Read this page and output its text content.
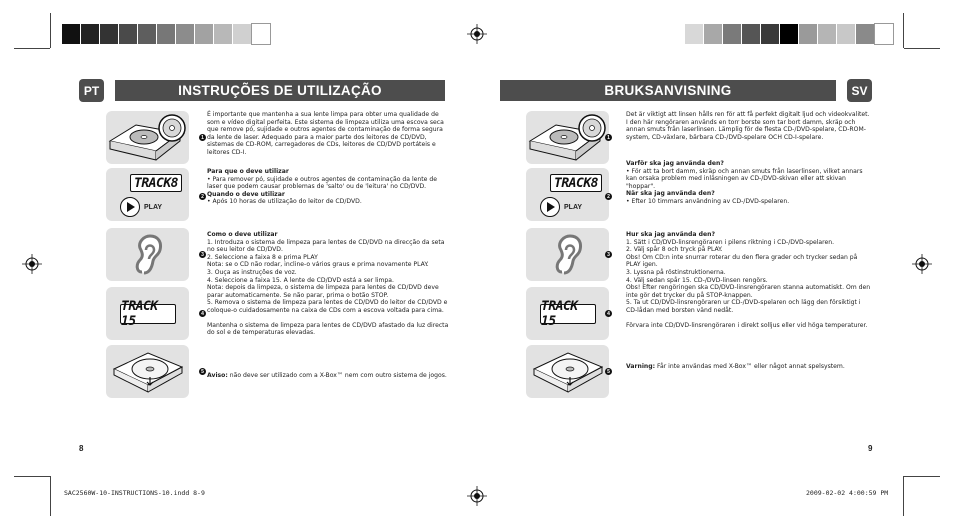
PT	INSTRUÇÕES DE UTILIZAÇÃO	BRUKSANVISNING	SV
1
TRACK8
PLAY
2
3
TRACK 15
4
5
É importante que mantenha a sua lente limpa para obter uma qualidade de som e vídeo digital perfeita. Este sistema de limpeza utiliza uma escova seca que remove pó, sujidade e outros agentes de contaminação de forma segura da lente de laser. Adequado para a maior parte dos leitores de CD/DVD, sistemas de CD-ROM, carregadores de CDs, leitores de CD/DVD portáteis e leitores CD-I.
Para que o deve utilizar
• Para remover pó, sujidade e outros agentes de contaminação da lente de laser que podem causar problemas de 'salto' ou de 'leitura' no CD/DVD.
Quando o deve utilizar
• Após 10 horas de utilização do leitor de CD/DVD.
Como o deve utilizar
1. Introduza o sistema de limpeza para lentes de CD/DVD na direcção da seta no seu leitor de CD/DVD.
2. Seleccione a faixa 8 e prima PLAY
Nota: se o CD não rodar, incline-o vários graus e prima novamente PLAY.
3. Ouça as instruções de voz.
4. Seleccione a faixa 15. A lente de CD/DVD está a ser limpa.
Nota: depois da limpeza, o sistema de limpeza para lentes de CD/DVD deve parar automaticamente. Se não parar, prima o botão STOP.
5. Remova o sistema de limpeza para lentes de CD/DVD do leitor de CD/DVD e coloque-o cuidadosamente na caixa de CDs com a escova voltada para cima.
Mantenha o sistema de limpeza para lentes de CD/DVD afastado da luz directa do sol e de temperaturas elevadas.
Aviso: não deve ser utilizado com a X-Box™ nem com outro sistema de jogos.
8
1
TRACK8
PLAY
2
3
TRACK 15
4
5
Det är viktigt att linsen hålls ren för att få perfekt digitalt ljud och videokvalitet. I den här rengöraren används en torr borste som tar bort damm, skräp och annan smuts från laserlinsen. Lämplig för de flesta CD-/DVD-spelare, CD-ROM-system, CD-växlare, bärbara CD-/DVD-spelare OCH CD-I-spelare.
Varför ska jag använda den?
• För att ta bort damm, skräp och annan smuts från laserlinsen, vilket annars kan orsaka problem med inläsningen av CD-/DVD-skivan eller att skivan "hoppar".
När ska jag använda den?
• Efter 10 timmars användning av CD-/DVD-spelaren.
Hur ska jag använda den?
1. Sätt i CD/DVD-linsrengöraren i pilens riktning i CD-/DVD-spelaren.
2. Välj spår 8 och tryck på PLAY.
Obs! Om CD:n inte snurrar roterar du den flera grader och trycker sedan på PLAY igen.
3. Lyssna på röstinstruktionerna.
4. Välj sedan spår 15. CD-/DVD-linsen rengörs.
Obs! Efter rengöringen ska CD/DVD-linsrengöraren stanna automatiskt. Om den inte gör det trycker du på STOP-knappen.
5. Ta ut CD/DVD-linsrengöraren ur CD-/DVD-spelaren och lägg den försiktigt i CD-lådan med borsten vänd nedåt.
Förvara inte CD/DVD-linsrengöraren i direkt solljus eller vid höga temperaturer.
Varning: Får inte användas med X-Box™ eller något annat spelsystem.
9
SAC2560W-10-INSTRUCTIONS-10.indd 8-9	2009-02-02 4:00:59 PM
